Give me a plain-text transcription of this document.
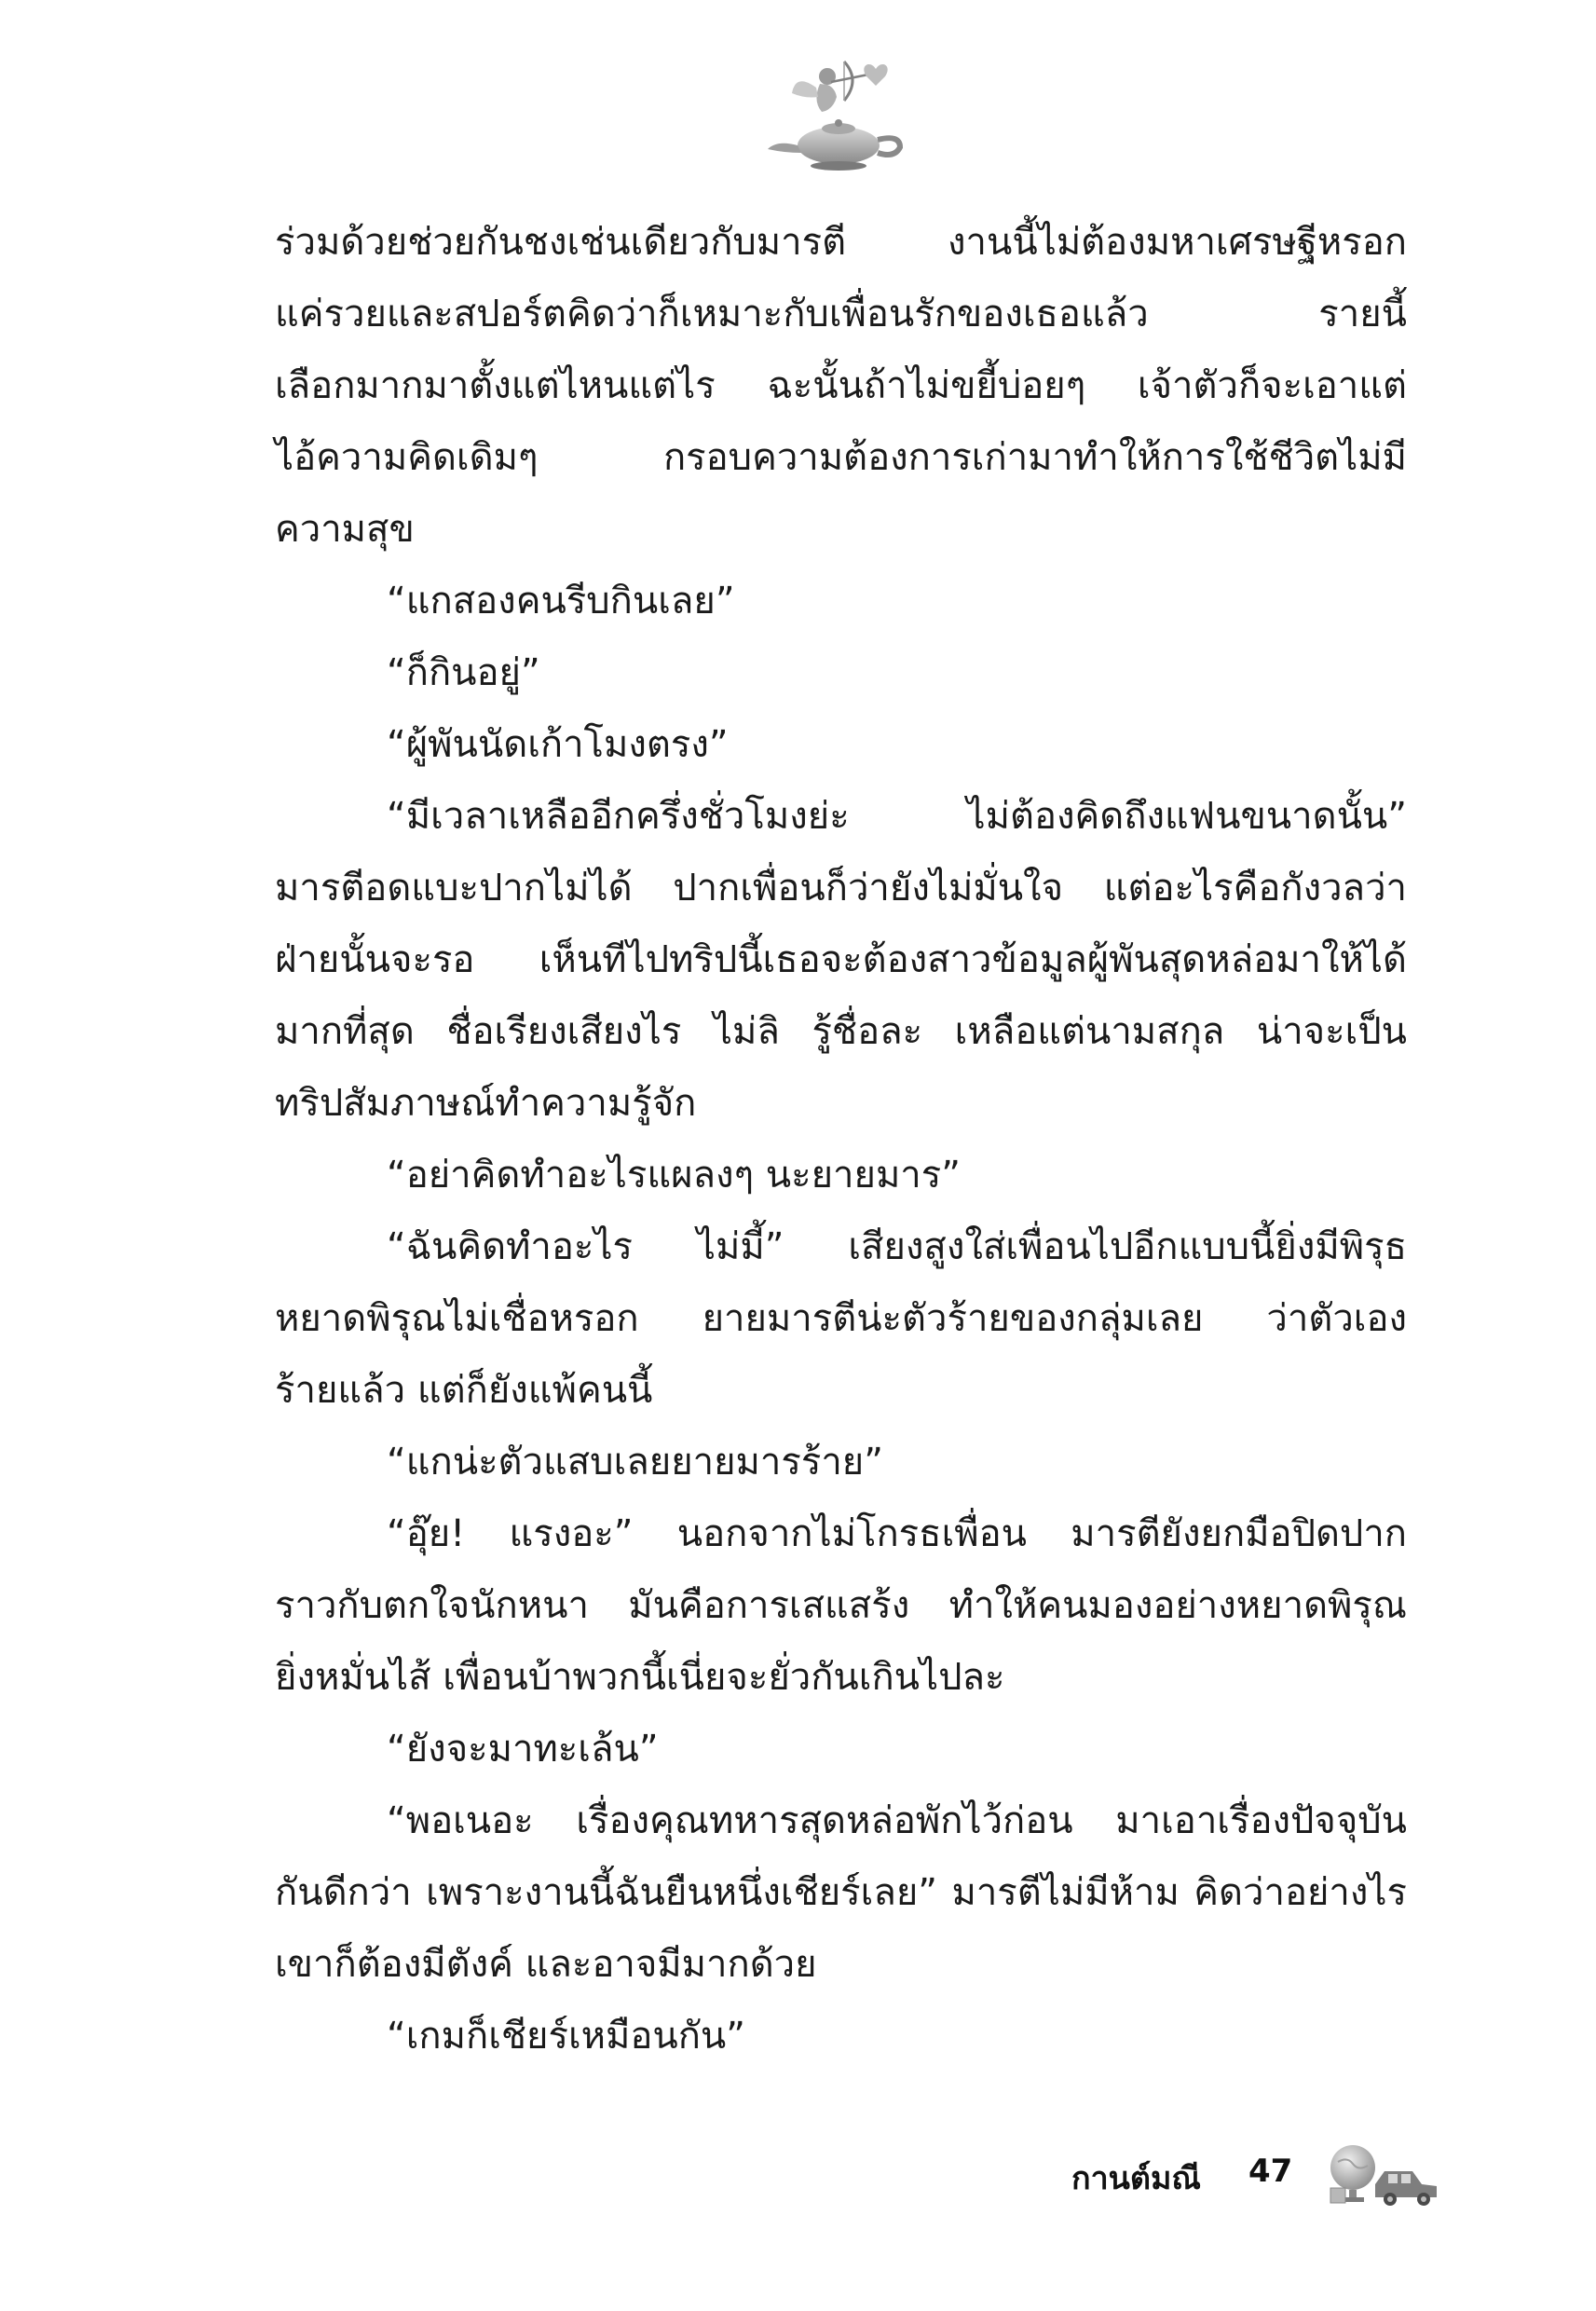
ร่วมด้วยช่วยกันชงเช่นเดียวกับมารตี งานนี้ไม่ต้องมหาเศรษฐีหรอก
แค่รวยและสปอร์ตคิดว่าก็เหมาะกับเพื่อนรักของเธอแล้ว รายนี้
เลือกมากมาตั้งแต่ไหนแต่ไร ฉะนั้นถ้าไม่ขยี้บ่อยๆ เจ้าตัวก็จะเอาแต่
ไอ้ความคิดเดิมๆ กรอบความต้องการเก่ามาทำให้การใช้ชีวิตไม่มี
ความสุข
“แกสองคนรีบกินเลย”
“ก็กินอยู่”
“ผู้พันนัดเก้าโมงตรง”
“มีเวลาเหลืออีกครึ่งชั่วโมงย่ะ ไม่ต้องคิดถึงแฟนขนาดนั้น”
มารตีอดแบะปากไม่ได้ ปากเพื่อนก็ว่ายังไม่มั่นใจ แต่อะไรคือกังวลว่า
ฝ่ายนั้นจะรอ เห็นทีไปทริปนี้เธอจะต้องสาวข้อมูลผู้พันสุดหล่อมาให้ได้
มากที่สุด ชื่อเรียงเสียงไร ไม่ลิ รู้ชื่อละ เหลือแต่นามสกุล น่าจะเป็น
ทริปสัมภาษณ์ทำความรู้จัก
“อย่าคิดทำอะไรแผลงๆ นะยายมาร”
“ฉันคิดทำอะไร ไม่มี้” เสียงสูงใส่เพื่อนไปอีกแบบนี้ยิ่งมีพิรุธ
หยาดพิรุณไม่เชื่อหรอก ยายมารตีน่ะตัวร้ายของกลุ่มเลย ว่าตัวเอง
ร้ายแล้ว แต่ก็ยังแพ้คนนี้
“แกน่ะตัวแสบเลยยายมารร้าย”
“อุ๊ย! แรงอะ” นอกจากไม่โกรธเพื่อน มารตียังยกมือปิดปาก
ราวกับตกใจนักหนา มันคือการเสแสร้ง ทำให้คนมองอย่างหยาดพิรุณ
ยิ่งหมั่นไส้ เพื่อนบ้าพวกนี้เนี่ยจะยั่วกันเกินไปละ
“ยังจะมาทะเล้น”
“พอเนอะ เรื่องคุณทหารสุดหล่อพักไว้ก่อน มาเอาเรื่องปัจจุบัน
กันดีกว่า เพราะงานนี้ฉันยืนหนึ่งเชียร์เลย” มารตีไม่มีห้าม คิดว่าอย่างไร
เขาก็ต้องมีตังค์ และอาจมีมากด้วย
“เกมก็เชียร์เหมือนกัน”
กานต์มณี 47
